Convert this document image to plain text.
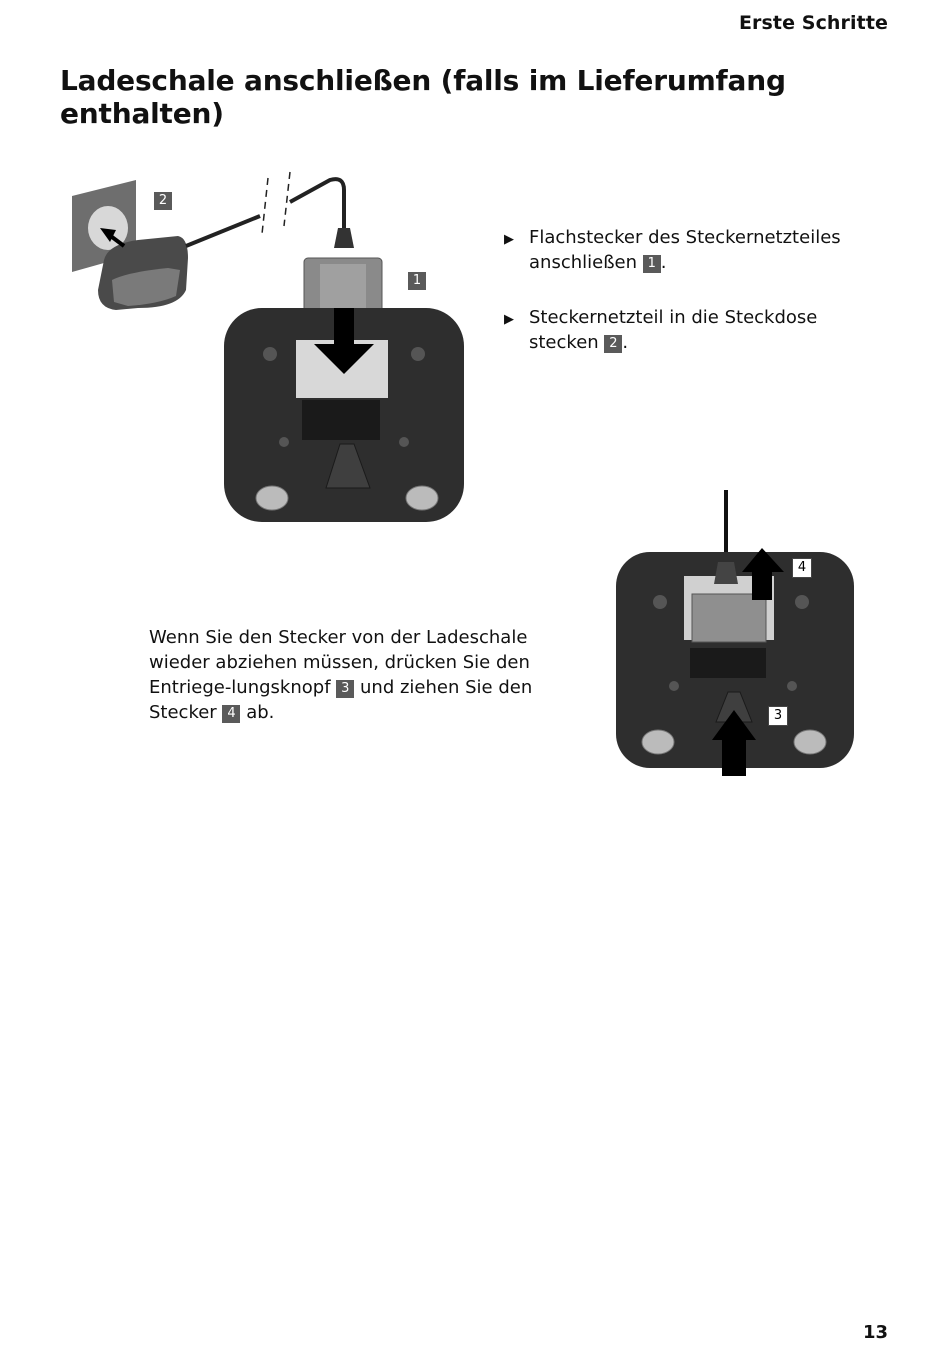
Erste Schritte
Ladeschale anschließen (falls im Lieferumfang enthalten)
2
1
▶ Flachstecker des Steckernetzteiles anschließen 1 .
▶ Steckernetzteil in die Steckdose stecken 2 .
4
3
Wenn Sie den Stecker von der Ladeschale wieder abziehen müssen, drücken Sie den Entriege-lungsknopf 3 und ziehen Sie den Stecker 4 ab.
13
